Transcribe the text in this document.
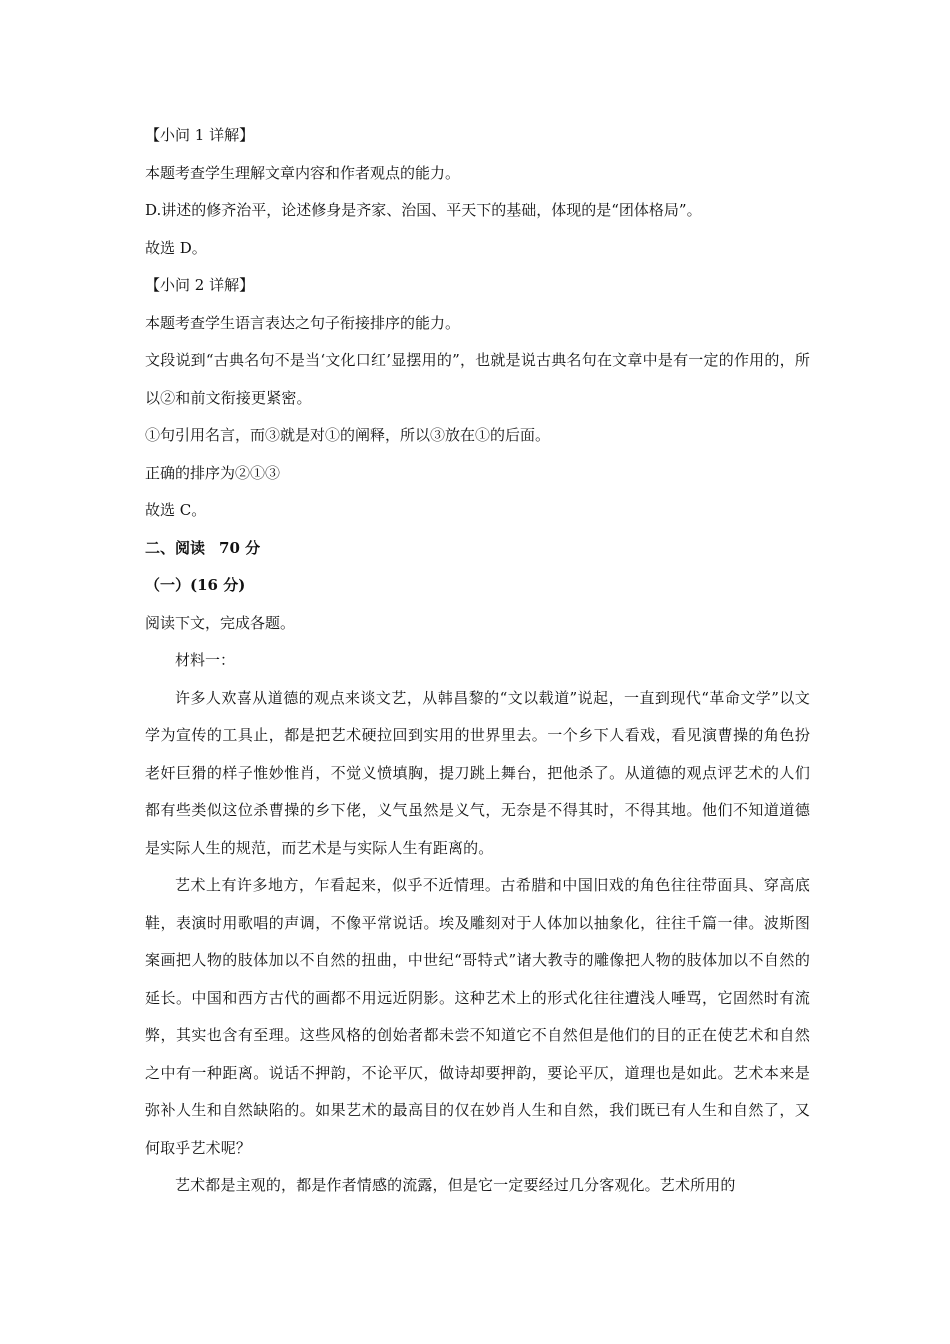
【小问 1 详解】
本题考查学生理解文章内容和作者观点的能力。
D.讲述的修齐治平，论述修身是齐家、治国、平天下的基础，体现的是“团体格局”。
故选 D。
【小问 2 详解】
本题考查学生语言表达之句子衔接排序的能力。
文段说到“古典名句不是当‘文化口红’显摆用的”，也就是说古典名句在文章中是有一定的作用的，所以②和前文衔接更紧密。
①句引用名言，而③就是对①的阐释，所以③放在①的后面。
正确的排序为②①③
故选 C。
二、阅读 70 分
（一）(16 分)
阅读下文，完成各题。
材料一：
许多人欢喜从道德的观点来谈文艺，从韩昌黎的“文以载道”说起，一直到现代“革命文学”以文学为宣传的工具止，都是把艺术硬拉回到实用的世界里去。一个乡下人看戏，看见演曹操的角色扮老奸巨猾的样子惟妙惟肖，不觉义愤填胸，提刀跳上舞台，把他杀了。从道德的观点评艺术的人们都有些类似这位杀曹操的乡下佬，义气虽然是义气，无奈是不得其时，不得其地。他们不知道道德是实际人生的规范，而艺术是与实际人生有距离的。
艺术上有许多地方，乍看起来，似乎不近情理。古希腊和中国旧戏的角色往往带面具、穿高底鞋，表演时用歌唱的声调，不像平常说话。埃及雕刻对于人体加以抽象化，往往千篇一律。波斯图案画把人物的肢体加以不自然的扭曲，中世纪“哥特式”诸大教寺的雕像把人物的肢体加以不自然的延长。中国和西方古代的画都不用远近阴影。这种艺术上的形式化往往遭浅人唾骂，它固然时有流弊，其实也含有至理。这些风格的创始者都未尝不知道它不自然但是他们的目的正在使艺术和自然之中有一种距离。说话不押韵，不论平仄，做诗却要押韵，要论平仄，道理也是如此。艺术本来是弥补人生和自然缺陷的。如果艺术的最高目的仅在妙肖人生和自然，我们既已有人生和自然了，又何取乎艺术呢？
艺术都是主观的，都是作者情感的流露，但是它一定要经过几分客观化。艺术所用的
